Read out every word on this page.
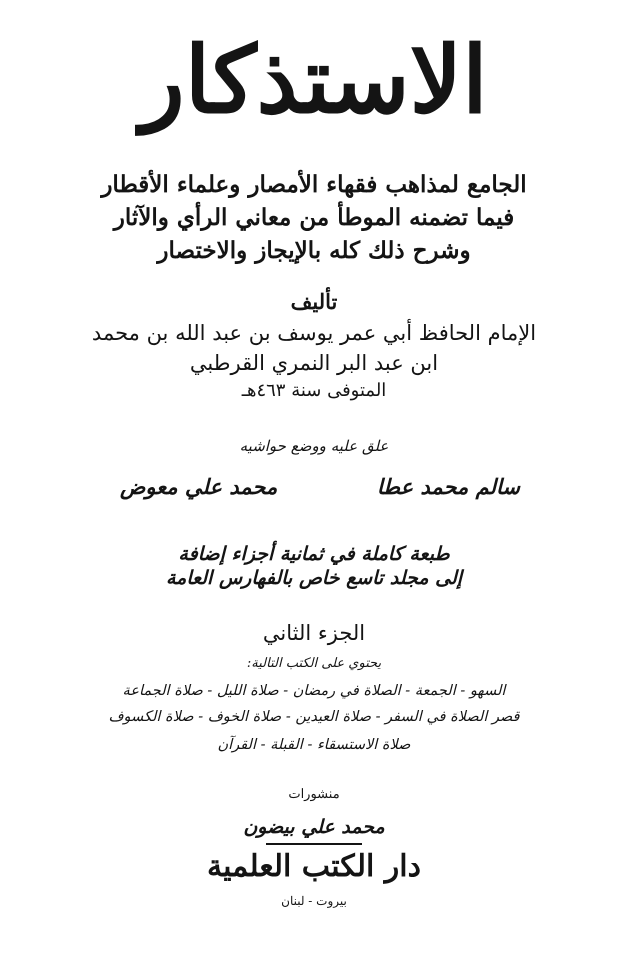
الاستذكار
الجامع لمذاهب فقهاء الأمصار وعلماء الأقطار
فيما تضمنه الموطأ من معاني الرأي والآثار
وشرح ذلك كله بالإيجاز والاختصار
تأليف
الإمام الحافظ أبي عمر يوسف بن عبد الله بن محمد
ابن عبد البر النمري القرطبي
المتوفى سنة ٤٦٣هـ
علق عليه ووضع حواشيه
سالم محمد عطا
محمد علي معوض
طبعة كاملة في ثمانية أجزاء إضافة
إلى مجلد تاسع خاص بالفهارس العامة
الجزء الثاني
يحتوي على الكتب التالية:
السهو - الجمعة - الصلاة في رمضان - صلاة الليل - صلاة الجماعة
قصر الصلاة في السفر - صلاة العيدين - صلاة الخوف - صلاة الكسوف
صلاة الاستسقاء - القبلة - القرآن
منشورات
محمد علي بيضون
دار الكتب العلمية
بيروت - لبنان
